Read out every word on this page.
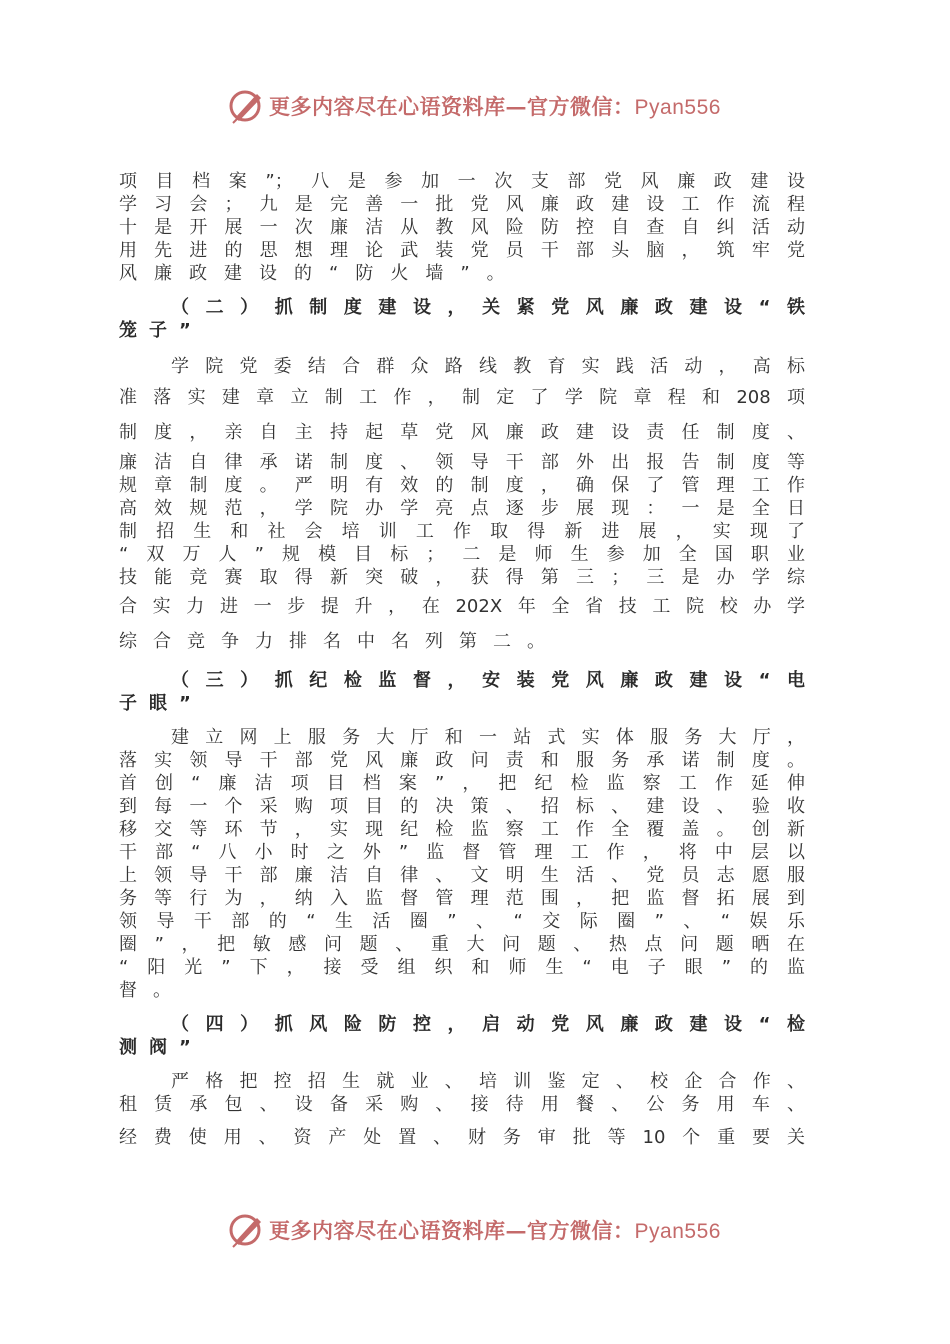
更多内容尽在心语资料库—官方微信：Pyan556
项目档案”；八是参加一次支部党风廉政建设
学习会；九是完善一批党风廉政建设工作流程
十是开展一次廉洁从教风险防控自查自纠活动
用先进的思想理论武装党员干部头脑，筑牢党
风廉政建设的“防火墙”。
（二）抓制度建设，关紧党风廉政建设“铁
笼子”
学院党委结合群众路线教育实践活动，高标
准落实建章立制工作，制定了学院章程和208项
制度，亲自主持起草党风廉政建设责任制度、
廉洁自律承诺制度、领导干部外出报告制度等
规章制度。严明有效的制度，确保了管理工作
高效规范，学院办学亮点逐步展现：一是全日
制招生和社会培训工作取得新进展，实现了
“双万人”规模目标；二是师生参加全国职业
技能竞赛取得新突破，获得第三；三是办学综
合实力进一步提升，在202X年全省技工院校办学
综合竞争力排名中名列第二。
（三）抓纪检监督，安装党风廉政建设“电
子眼”
建立网上服务大厅和一站式实体服务大厅，
落实领导干部党风廉政问责和服务承诺制度。
首创“廉洁项目档案”，把纪检监察工作延伸
到每一个采购项目的决策、招标、建设、验收
移交等环节，实现纪检监察工作全覆盖。创新
干部“八小时之外”监督管理工作，将中层以
上领导干部廉洁自律、文明生活、党员志愿服
务等行为，纳入监督管理范围，把监督拓展到
领导干部的“生活圈”、“交际圈”、“娱乐
圈”，把敏感问题、重大问题、热点问题晒在
“阳光”下，接受组织和师生“电子眼”的监
督。
（四）抓风险防控，启动党风廉政建设“检
测阀”
严格把控招生就业、培训鉴定、校企合作、
租赁承包、设备采购、接待用餐、公务用车、
经费使用、资产处置、财务审批等10个重要关
更多内容尽在心语资料库—官方微信：Pyan556
